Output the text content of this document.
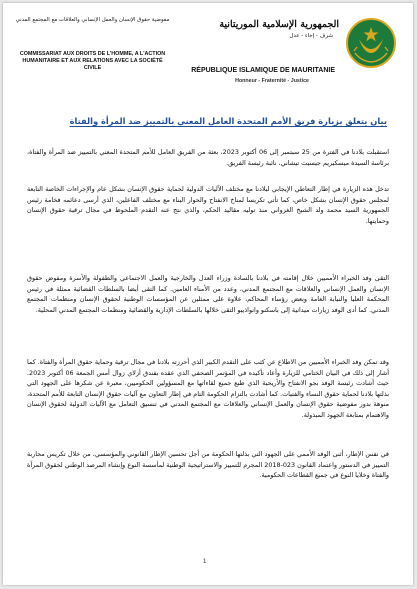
الجمهورية الإسلامية الموريتانية
شرف - إخاء - عدل
RÉPUBLIQUE ISLAMIQUE DE MAURITANIE
Honneur - Fraternité - Justice
مفوضية حقوق الإنسان والعمل الإنساني والعلاقات مع المجتمع المدني
COMMISSARIAT AUX DROITS DE L'HOMME, A L'ACTION HUMANITAIRE ET AUX RELATIONS AVEC LA SOCIÉTÉ CIVILE
بيان يتعلق بزيارة فريق الأمم المتحدة العامل المعني بالتمييز ضد المرأة والفتاة
استقبلت بلادنا في الفترة من 25 سبتمبر إلى 06 أكتوبر 2023، بعثة من الفريق العامل للأمم المتحدة المعني بالتمييز ضد المرأة والفتاة، برئاسة السيدة ميسكيريم جيسيت تيشاني، نائبة رئيسة الفريق.
تدخل هذه الزيارة في إطار التعاطي الإيجابي لبلادنا مع مختلف الآليات الدولية لحماية حقوق الإنسان بشكل عام والإجراءات الخاصة التابعة لمجلس حقوق الإنسان بشكل خاص، كما تأتي تكريسا لمناخ الانفتاح والحوار البناء مع مختلف الفاعلين، الذي أرسى دعائمه فخامة رئيس الجمهورية السيد محمد ولد الشيخ الغزواني منذ توليه مقاليد الحكم، والذي نتج عنه التقدم الملحوظ في مجال ترقية حقوق الإنسان وحمايتها.
التقى وفد الخبراء الأمميين خلال إقامته في بلادنا بالسادة وزراء العدل والخارجية والعمل الاجتماعي والطفولة والأسرة ومفوض حقوق الإنسان والعمل الإنساني والعلاقات مع المجتمع المدني، وعدد من الأمناء العامين. كما التقى أيضا بالسلطات القضائية ممثلة في رئيس المحكمة العليا والنيابة العامة وبعض رؤساء المحاكم، علاوة على ممثلين عن المؤسسات الوطنية لحقوق الإنسان ومنظمات المجتمع المدني. كما أدى الوفد زيارات ميدانية إلى باسكنو وانواذيبو التقى خلالها بالسلطات الإدارية والقضائية ومنظمات المجتمع المدني المحلية.
وقد تمكن وفد الخبراء الأمميين من الاطلاع عن كثب على التقدم الكبير الذي أحرزته بلادنا في مجال ترقية وحماية حقوق المرأة والفتاة. كما أشار إلى ذلك في البيان الختامي للزيارة وأعاد تأكيده في المؤتمر الصحفي الذي عقده بفندق أزلاي زوال أمس الجمعة 06 أكتوبر 2023. حيث أشادت رئيسة الوفد بجو الانفتاح والأريحية الذي طبع جميع لقاءاتها مع المسؤولين الحكوميين، معبرة عن شكرها على الجهود التي بذلتها بلادنا لحماية حقوق النساء والفتيات. كما أشادت بالتزام الحكومة التام في إطار التعاون مع آليات حقوق الإنسان التابعة للأمم المتحدة، منوهة بدور مفوضية حقوق الإنسان والعمل الإنساني والعلاقات مع المجتمع المدني في تنسيق التعامل مع الآليات الدولية لحقوق الإنسان والاهتمام بمتابعة الجهود المبذولة.
في نفس الإطار، أثنى الوفد الأممي على الجهود التي بذلتها الحكومة من أجل تحسين الإطار القانوني والمؤسسي، من خلال تكريس محاربة التمييز في الدستور واعتماد القانون 023-2018 المجرم للتمييز والاستراتيجية الوطنية لمأسسة النوع وإنشاء المرصد الوطني لحقوق المرأة والفتاة وخلايا النوع في جميع القطاعات الحكومية.
1
